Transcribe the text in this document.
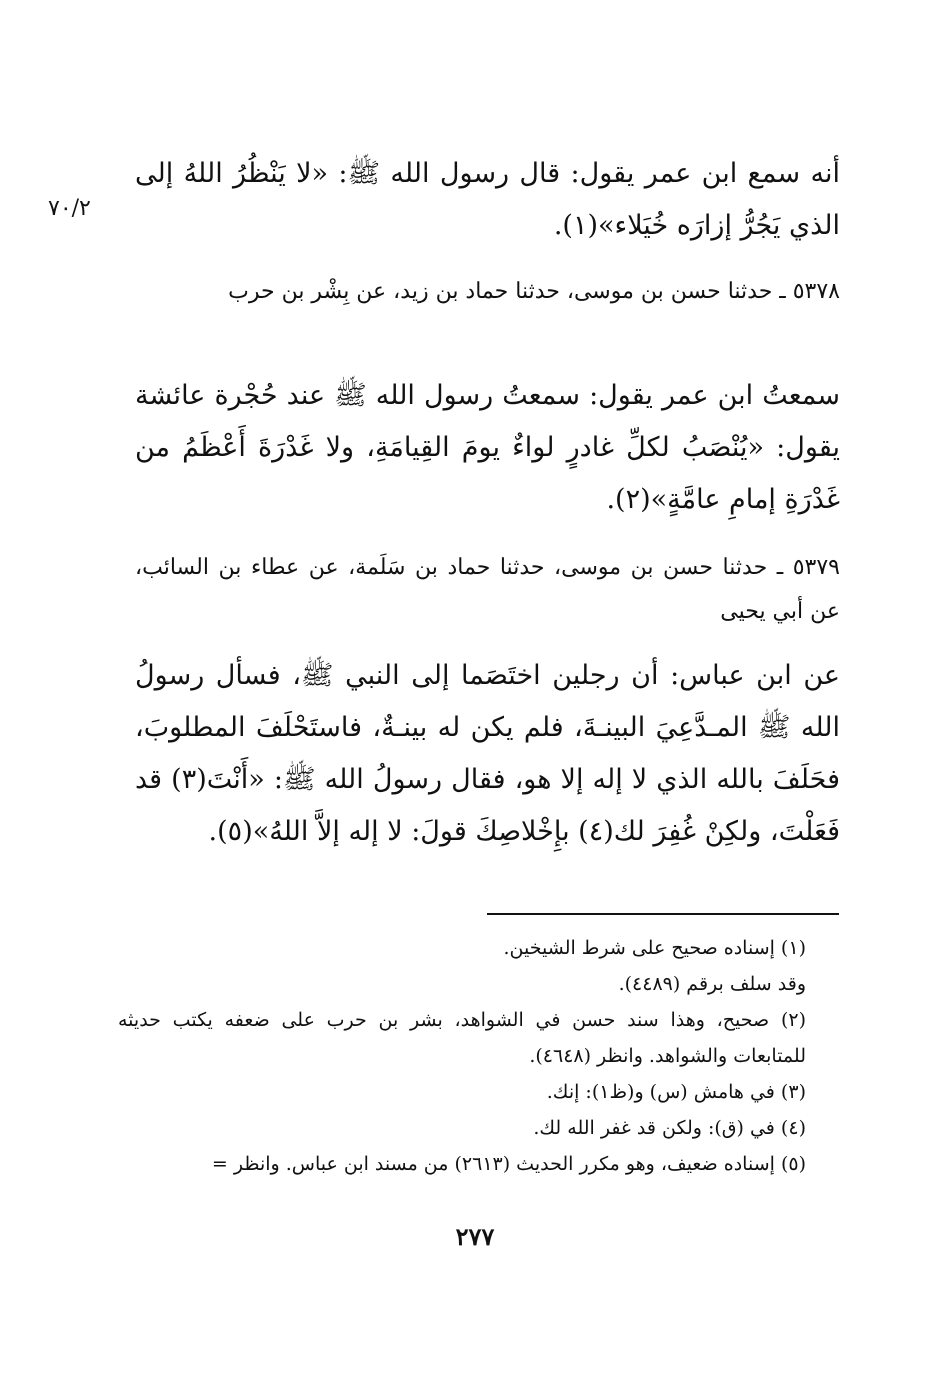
٧٠/٢

أنه سمع ابن عمر يقول: قال رسول الله ﷺ: «لا يَنْظُرُ اللهُ إلى الذي يَجُرُّ إزارَه خُيَلاء»(١).

٥٣٧٨ ـ حدثنا حسن بن موسى، حدثنا حماد بن زيد، عن بِشْر بن حرب

سمعتُ ابن عمر يقول: سمعتُ رسول الله ﷺ عند حُجْرة عائشة يقول: «يُنْصَبُ لكلِّ غادرٍ لواءٌ يومَ القِيامَةِ، ولا غَدْرَةَ أَعْظَمُ من غَدْرَةِ إمامِ عامَّةٍ»(٢).

٥٣٧٩ ـ حدثنا حسن بن موسى، حدثنا حماد بن سَلَمة، عن عطاء بن السائب، عن أبي يحيى

عن ابن عباس: أن رجلين اختَصَما إلى النبي ﷺ، فسأل رسولُ الله ﷺ المـدَّعِيَ البينـةَ، فلم يكن له بينـةٌ، فاستَحْلَفَ المطلوبَ، فحَلَفَ بالله الذي لا إله إلا هو، فقال رسولُ الله ﷺ: «أَنْتَ(٣) قد فَعَلْتَ، ولكِنْ غُفِرَ لك(٤) بإِخْلاصِكَ قولَ: لا إله إلاَّ اللهُ»(٥).

(١) إسناده صحيح على شرط الشيخين.

وقد سلف برقم (٤٤٨٩).

(٢) صحيح، وهذا سند حسن في الشواهد، بشر بن حرب على ضعفه يكتب حديثه للمتابعات والشواهد. وانظر (٤٦٤٨).

(٣) في هامش (س) و(ظ١): إنك.

(٤) في (ق): ولكن قد غفر الله لك.

(٥) إسناده ضعيف، وهو مكرر الحديث (٢٦١٣) من مسند ابن عباس. وانظر =

٢٧٧
